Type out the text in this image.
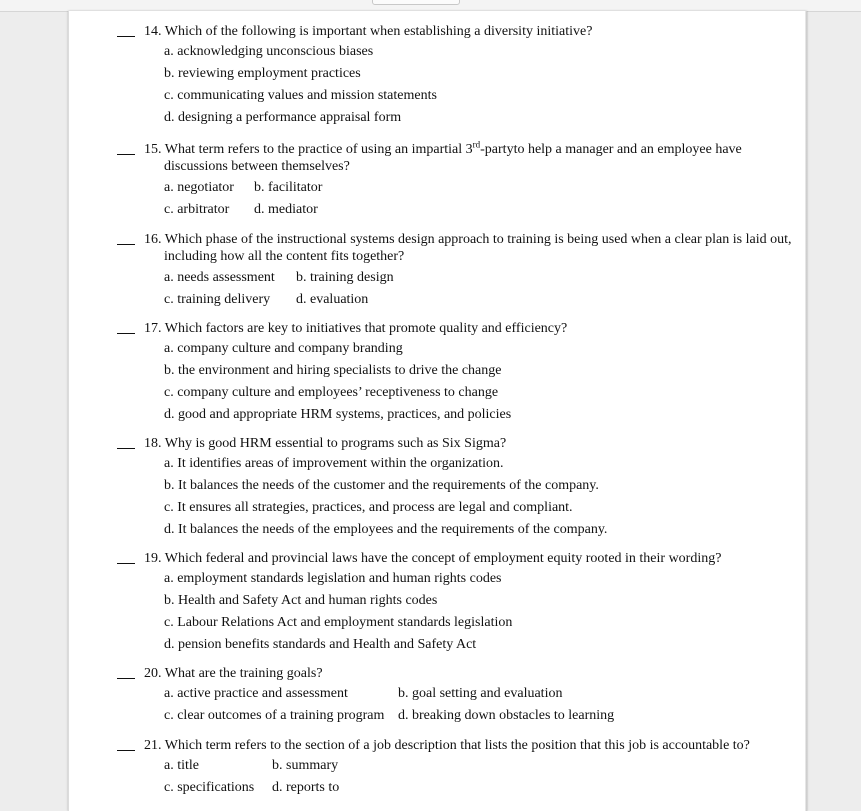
14. Which of the following is important when establishing a diversity initiative?
a. acknowledging unconscious biases
b. reviewing employment practices
c. communicating values and mission statements
d. designing a performance appraisal form
15. What term refers to the practice of using an impartial 3rd-partyto help a manager and an employee have
discussions between themselves?
a. negotiator b. facilitator
c. arbitrator d. mediator
16. Which phase of the instructional systems design approach to training is being used when a clear plan is laid out,
including how all the content fits together?
a. needs assessment b. training design
c. training delivery d. evaluation
17. Which factors are key to initiatives that promote quality and efficiency?
a. company culture and company branding
b. the environment and hiring specialists to drive the change
c. company culture and employees’ receptiveness to change
d. good and appropriate HRM systems, practices, and policies
18. Why is good HRM essential to programs such as Six Sigma?
a. It identifies areas of improvement within the organization.
b. It balances the needs of the customer and the requirements of the company.
c. It ensures all strategies, practices, and process are legal and compliant.
d. It balances the needs of the employees and the requirements of the company.
19. Which federal and provincial laws have the concept of employment equity rooted in their wording?
a. employment standards legislation and human rights codes
b. Health and Safety Act and human rights codes
c. Labour Relations Act and employment standards legislation
d. pension benefits standards and Health and Safety Act
20. What are the training goals?
a. active practice and assessment	b. goal setting and evaluation
c. clear outcomes of a training program d. breaking down obstacles to learning
21. Which term refers to the section of a job description that lists the position that this job is accountable to?
a. title	b. summary
c. specifications d. reports to
